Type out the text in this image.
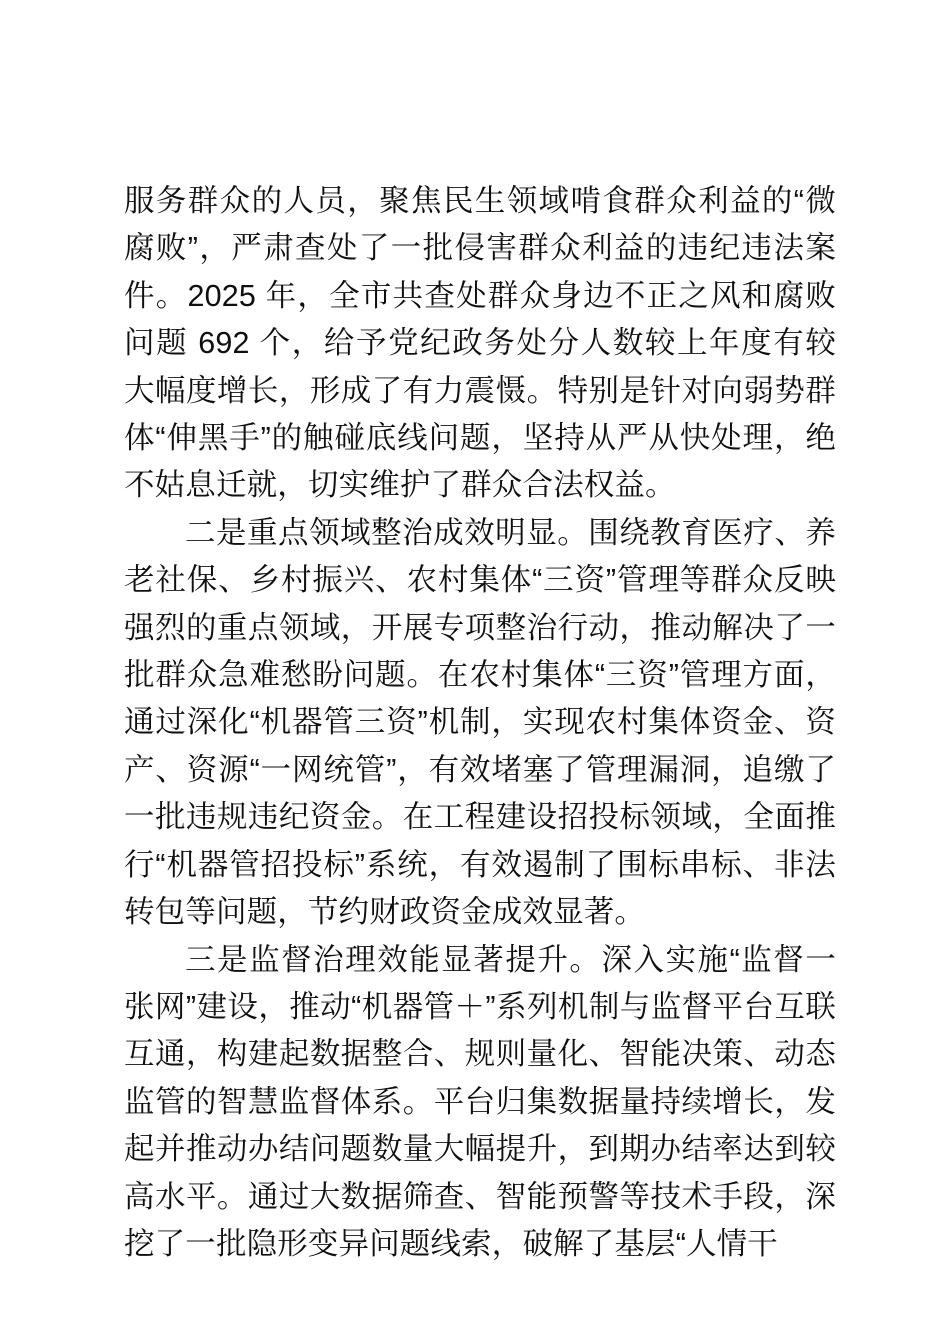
服务群众的人员，聚焦民生领域啃食群众利益的“微腐败”，严肃查处了一批侵害群众利益的违纪违法案件。2025 年，全市共查处群众身边不正之风和腐败问题 692 个，给予党纪政务处分人数较上年度有较大幅度增长，形成了有力震慑。特别是针对向弱势群体“伸黑手”的触碰底线问题，坚持从严从快处理，绝不姑息迁就，切实维护了群众合法权益。

二是重点领域整治成效明显。围绕教育医疗、养老社保、乡村振兴、农村集体“三资”管理等群众反映强烈的重点领域，开展专项整治行动，推动解决了一批群众急难愁盼问题。在农村集体“三资”管理方面，通过深化“机器管三资”机制，实现农村集体资金、资产、资源“一网统管”，有效堵塞了管理漏洞，追缴了一批违规违纪资金。在工程建设招投标领域，全面推行“机器管招投标”系统，有效遏制了围标串标、非法转包等问题，节约财政资金成效显著。

三是监督治理效能显著提升。深入实施“监督一张网”建设，推动“机器管＋”系列机制与监督平台互联互通，构建起数据整合、规则量化、智能决策、动态监管的智慧监督体系。平台归集数据量持续增长，发起并推动办结问题数量大幅提升，到期办结率达到较高水平。通过大数据筛查、智能预警等技术手段，深挖了一批隐形变异问题线索，破解了基层“人情干
